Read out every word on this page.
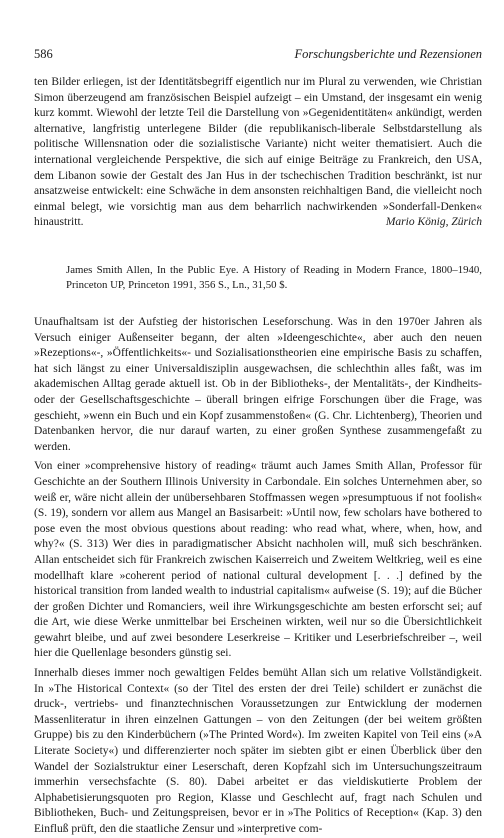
586	Forschungsberichte und Rezensionen

ten Bilder erliegen, ist der Identitätsbegriff eigentlich nur im Plural zu verwenden, wie Christian Simon überzeugend am französischen Beispiel aufzeigt – ein Umstand, der insgesamt ein wenig kurz kommt. Wiewohl der letzte Teil die Darstellung von »Gegenidentitäten« ankündigt, werden alternative, langfristig unterlegene Bilder (die republikanisch-liberale Selbstdarstellung als politische Willensnation oder die sozialistische Variante) nicht weiter thematisiert. Auch die international vergleichende Perspektive, die sich auf einige Beiträge zu Frankreich, den USA, dem Libanon sowie der Gestalt des Jan Hus in der tschechischen Tradition beschränkt, ist nur ansatzweise entwickelt: eine Schwäche in dem ansonsten reichhaltigen Band, die vielleicht noch einmal belegt, wie vorsichtig man aus dem beharrlich nachwirkenden »Sonderfall-Denken« hinaustritt.	Mario König, Zürich

James Smith Allen, In the Public Eye. A History of Reading in Modern France, 1800–1940, Princeton UP, Princeton 1991, 356 S., Ln., 31,50 $.

Unaufhaltsam ist der Aufstieg der historischen Leseforschung. Was in den 1970er Jahren als Versuch einiger Außenseiter begann, der alten »Ideengeschichte«, aber auch den neuen »Rezeptions«-, »Öffentlichkeits«- und Sozialisationstheorien eine empirische Basis zu schaffen, hat sich längst zu einer Universaldisziplin ausgewachsen, die schlechthin alles faßt, was im akademischen Alltag gerade aktuell ist. Ob in der Bibliotheks-, der Mentalitäts-, der Kindheits- oder der Gesellschaftsgeschichte – überall bringen eifrige Forschungen über die Frage, was geschieht, »wenn ein Buch und ein Kopf zusammenstoßen« (G. Chr. Lichtenberg), Theorien und Datenbanken hervor, die nur darauf warten, zu einer großen Synthese zusammengefaßt zu werden.

Von einer »comprehensive history of reading« träumt auch James Smith Allan, Professor für Geschichte an der Southern Illinois University in Carbondale. Ein solches Unternehmen aber, so weiß er, wäre nicht allein der unübersehbaren Stoffmassen wegen »presumptuous if not foolish« (S. 19), sondern vor allem aus Mangel an Basisarbeit: »Until now, few scholars have bothered to pose even the most obvious questions about reading: who read what, where, when, how, and why?« (S. 313) Wer dies in paradigmatischer Absicht nachholen will, muß sich beschränken. Allan entscheidet sich für Frankreich zwischen Kaiserreich und Zweitem Weltkrieg, weil es eine modellhaft klare »coherent period of national cultural development [. . .] defined by the historical transition from landed wealth to industrial capitalism« aufweise (S. 19); auf die Bücher der großen Dichter und Romanciers, weil ihre Wirkungsgeschichte am besten erforscht sei; auf die Art, wie diese Werke unmittelbar bei Erscheinen wirkten, weil nur so die Übersichtlichkeit gewahrt bleibe, und auf zwei besondere Leserkreise – Kritiker und Leserbriefschreiber –, weil hier die Quellenlage besonders günstig sei.

Innerhalb dieses immer noch gewaltigen Feldes bemüht Allan sich um relative Vollständigkeit. In »The Historical Context« (so der Titel des ersten der drei Teile) schildert er zunächst die druck-, vertriebs- und finanztechnischen Voraussetzungen zur Entwicklung der modernen Massenliteratur in ihren einzelnen Gattungen – von den Zeitungen (der bei weitem größten Gruppe) bis zu den Kinderbüchern (»The Printed Word«). Im zweiten Kapitel von Teil eins (»A Literate Society«) und differenzierter noch später im siebten gibt er einen Überblick über den Wandel der Sozialstruktur einer Leserschaft, deren Kopfzahl sich im Untersuchungszeitraum immerhin versechsfachte (S. 80). Dabei arbeitet er das vieldiskutierte Problem der Alphabetisierungsquoten pro Region, Klasse und Geschlecht auf, fragt nach Schulen und Bibliotheken, Buch- und Zeitungspreisen, bevor er in »The Politics of Reception« (Kap. 3) den Einfluß prüft, den die staatliche Zensur und »interpretive com-
